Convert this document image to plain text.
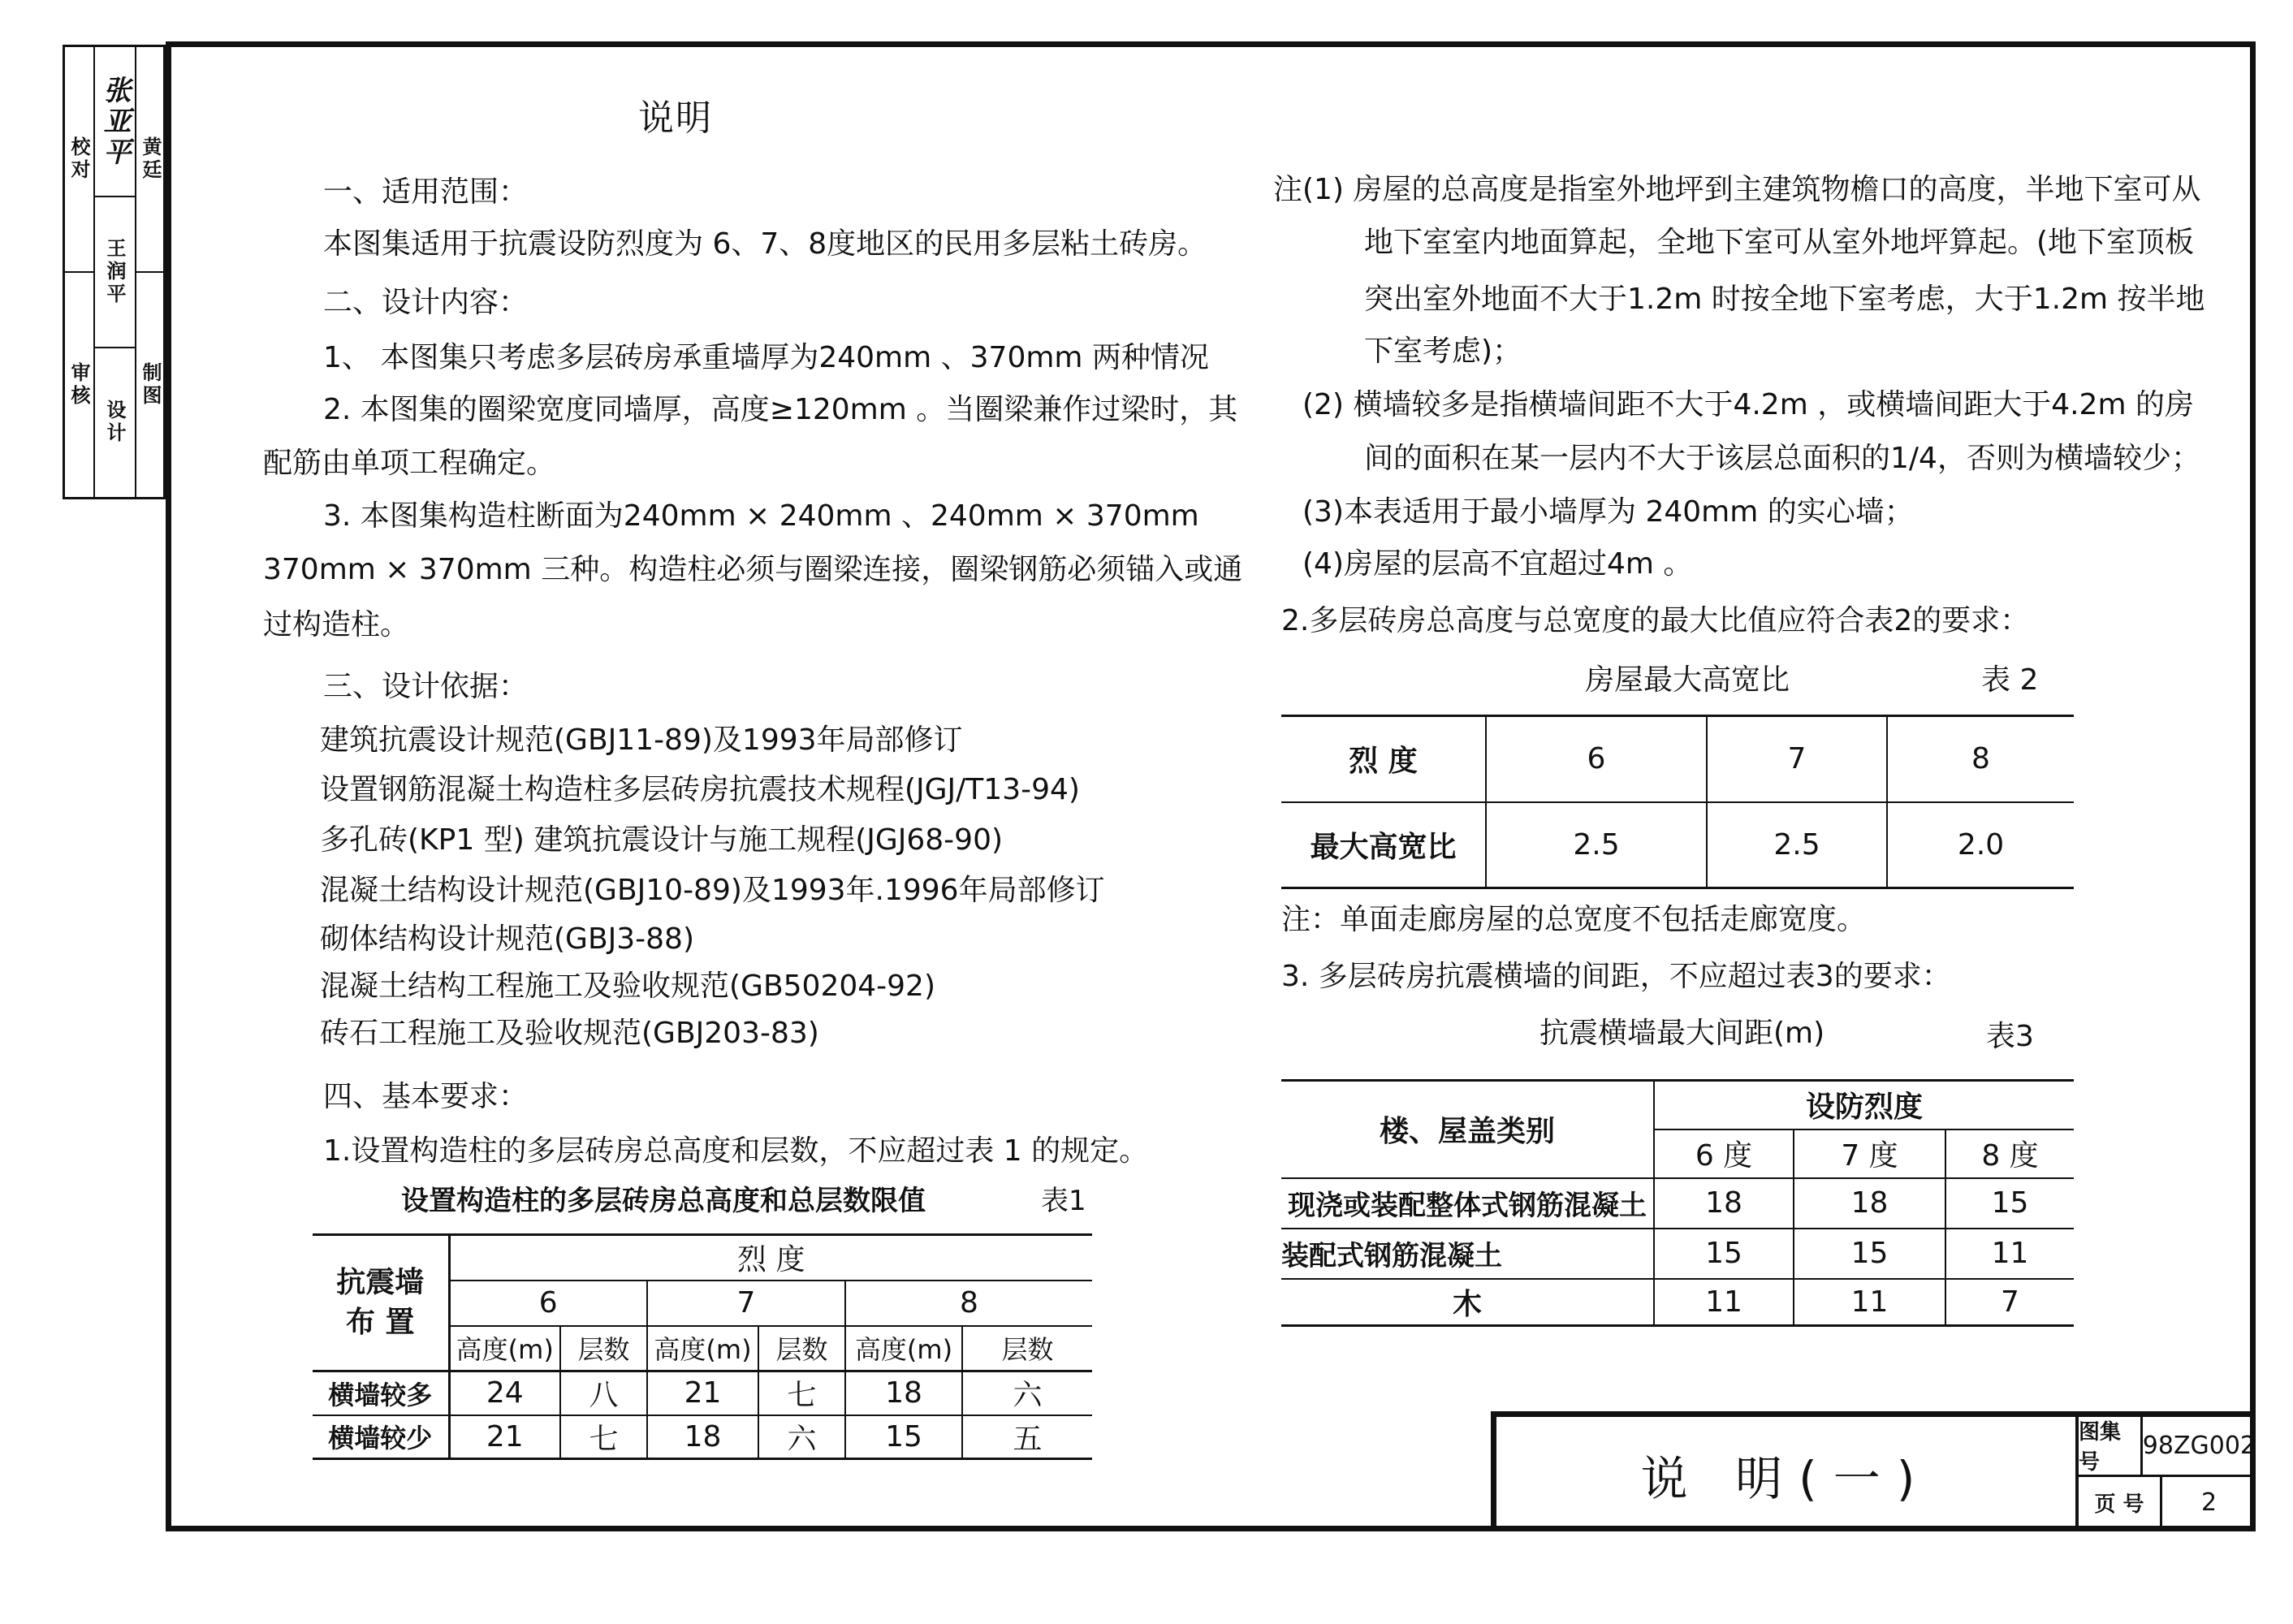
校对
审核
张亚平
王润平
设计
黄廷
制图
说明
一、适用范围：
本图集适用于抗震设防烈度为 6、7、8度地区的民用多层粘土砖房。
二、设计内容：
1、 本图集只考虑多层砖房承重墙厚为240mm 、370mm 两种情况
2. 本图集的圈梁宽度同墙厚，高度≥120mm 。当圈梁兼作过梁时，其
配筋由单项工程确定。
3. 本图集构造柱断面为240mm × 240mm 、240mm × 370mm
370mm × 370mm 三种。构造柱必须与圈梁连接，圈梁钢筋必须锚入或通
过构造柱。
三、设计依据：
建筑抗震设计规范(GBJ11-89)及1993年局部修订
设置钢筋混凝土构造柱多层砖房抗震技术规程(JGJ/T13-94)
多孔砖(KP1 型) 建筑抗震设计与施工规程(JGJ68-90)
混凝土结构设计规范(GBJ10-89)及1993年.1996年局部修订
砌体结构设计规范(GBJ3-88)
混凝土结构工程施工及验收规范(GB50204-92)
砖石工程施工及验收规范(GBJ203-83)
四、基本要求：
1.设置构造柱的多层砖房总高度和层数，不应超过表 1 的规定。
设置构造柱的多层砖房总高度和总层数限值	表1
抗震墙
布 置	烈 度					
	6		7		8	
	高度(m)	层数	高度(m)	层数	高度(m)	层数
横墙较多	24	八	21	七	18	六
横墙较少	21	七	18	六	15	五
注 (1) 房屋的总高度是指室外地坪到主建筑物檐口的高度，半地下室可从
地下室室内地面算起，全地下室可从室外地坪算起。(地下室顶板
突出室外地面不大于1.2m 时按全地下室考虑，大于1.2m 按半地
下室考虑)；
(2) 横墙较多是指横墙间距不大于4.2m ，或横墙间距大于4.2m 的房
间的面积在某一层内不大于该层总面积的1/4，否则为横墙较少；
(3)本表适用于最小墙厚为 240mm 的实心墙；
(4)房屋的层高不宜超过4m 。
2.多层砖房总高度与总宽度的最大比值应符合表2的要求：
房屋最大高宽比	表 2
烈 度	6	7	8
最大高宽比	2.5	2.5	2.0
注：单面走廊房屋的总宽度不包括走廊宽度。
3. 多层砖房抗震横墙的间距，不应超过表3的要求：
抗震横墙最大间距(m)	表3
楼、屋盖类别	设防烈度		
	6 度	7 度	8 度
现浇或装配整体式钢筋混凝土	18	18	15
装配式钢筋混凝土	15	15	11
木	11	11	7
说 明(一)
图集号
98ZG002
页 号	2
